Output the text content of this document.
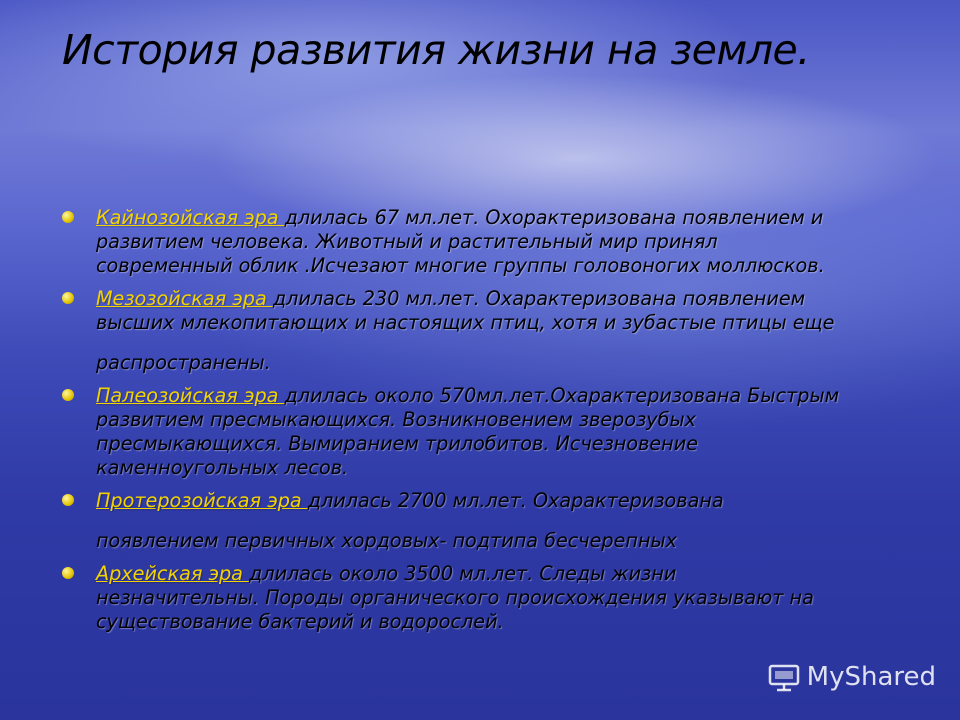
История развития жизни на земле.
Кайнозойская эра длилась 67 мл.лет. Охорактеризована появлением и
развитием человека. Животный и растительный мир принял
современный облик .Исчезают многие группы головоногих моллюсков.
Мезозойская эра длилась 230 мл.лет. Охарактеризована появлением
высших млекопитающих и настоящих птиц, хотя и зубастые птицы еще
распространены.
Палеозойская эра длилась около 570мл.лет.Охарактеризована Быстрым
развитием пресмыкающихся. Возникновением зверозубых
пресмыкающихся. Вымиранием трилобитов. Исчезновение
каменноугольных лесов.
Протерозойская эра длилась 2700 мл.лет. Охарактеризована
появлением первичных хордовых- подтипа бесчерепных
Архейская эра длилась около 3500 мл.лет. Следы жизни
незначительны. Породы органического происхождения указывают на
существование бактерий и водорослей.
MyShared
